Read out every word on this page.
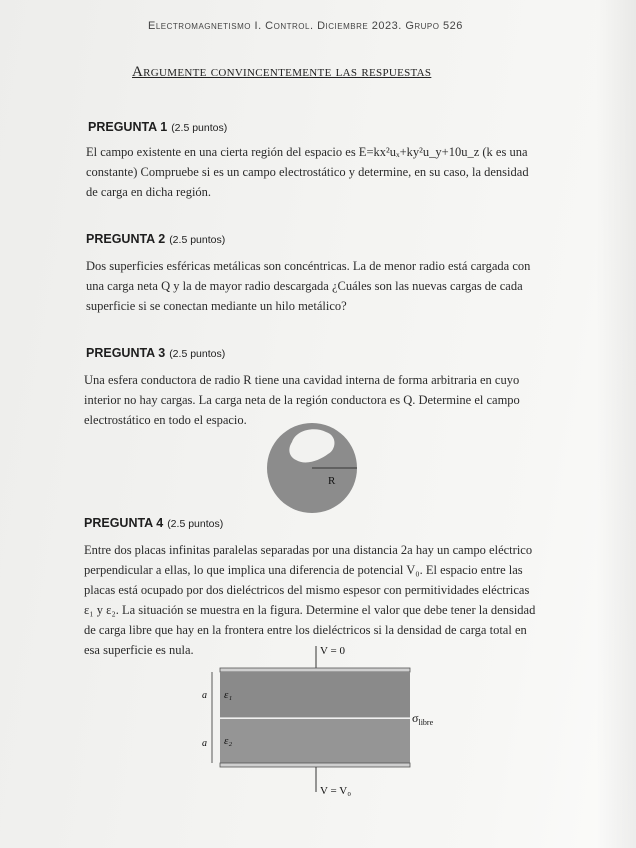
Electromagnetismo I. Control. Diciembre 2023. Grupo 526
Argumente convincentemente las respuestas
PREGUNTA 1 (2.5 puntos)

El campo existente en una cierta región del espacio es E=kx²uₓ+ky²u_y+10u_z (k es una

constante) Compruebe si es un campo electrostático y determine, en su caso, la densidad

de carga en dicha región.

PREGUNTA 2 (2.5 puntos)

Dos superficies esféricas metálicas son concéntricas. La de menor radio está cargada con

una carga neta Q y la de mayor radio descargada ¿Cuáles son las nuevas cargas de cada

superficie si se conectan mediante un hilo metálico?

PREGUNTA 3 (2.5 puntos)

Una esfera conductora de radio R tiene una cavidad interna de forma arbitraria en cuyo

interior no hay cargas. La carga neta de la región conductora es Q. Determine el campo

electrostático en todo el espacio.

R
PREGUNTA 4 (2.5 puntos)

Entre dos placas infinitas paralelas separadas por una distancia 2a hay un campo eléctrico

perpendicular a ellas, lo que implica una diferencia de potencial V₀. El espacio entre las

placas está ocupado por dos dieléctricos del mismo espesor con permitividades eléctricas

ε₁ y ε₂. La situación se muestra en la figura. Determine el valor que debe tener la densidad

de carga libre que hay en la frontera entre los dieléctricos si la densidad de carga total en

esa superficie es nula.	V = 0
V = V₀
a
a
ε₁
ε₂
$\sigma_{libre}$
